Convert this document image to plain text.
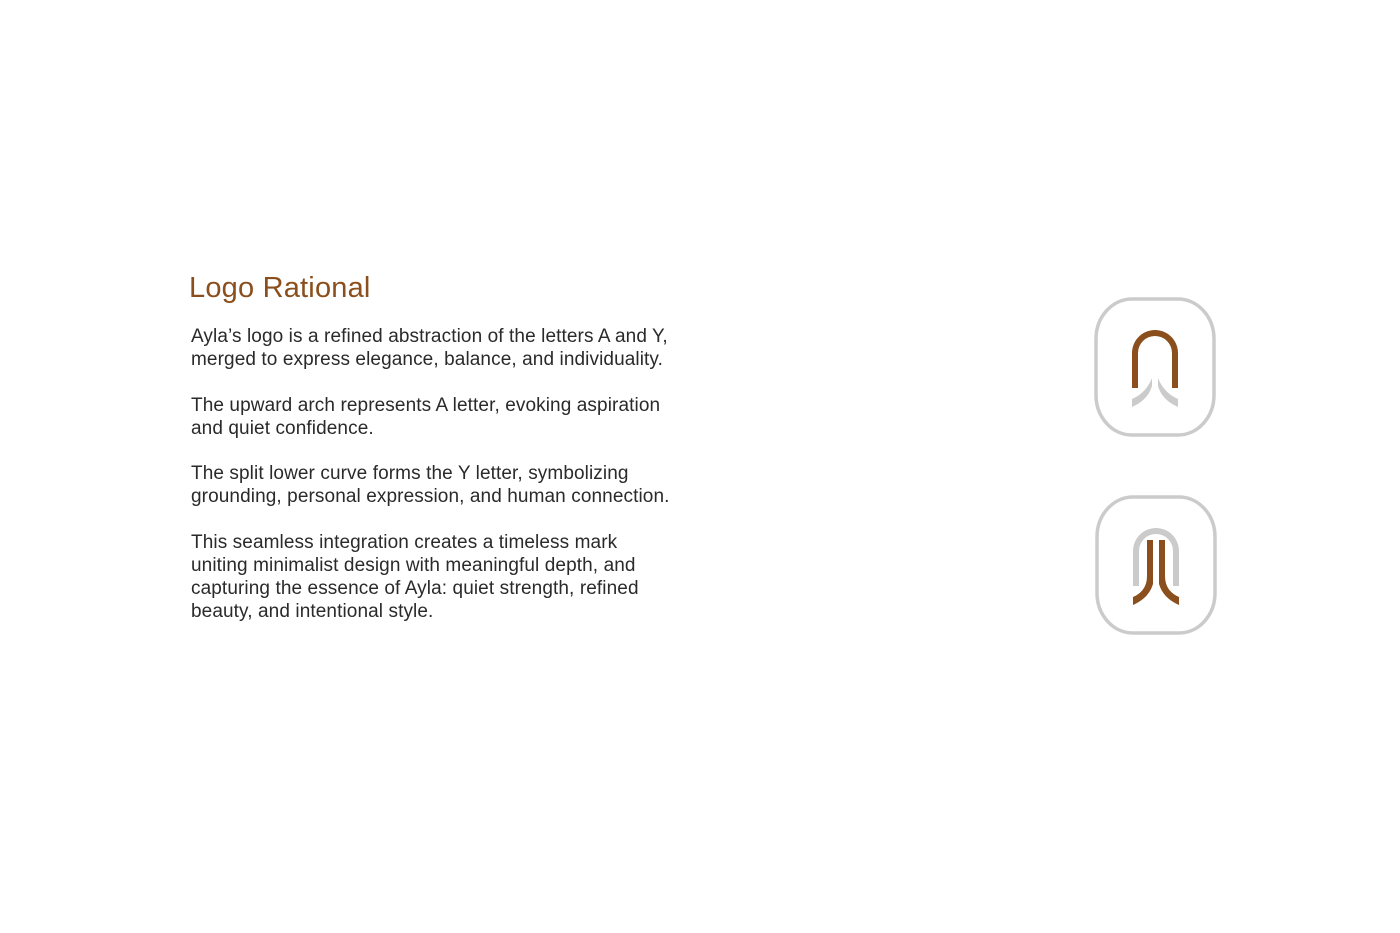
Logo Rational

Ayla’s logo is a refined abstraction of the letters A and Y,
merged to express elegance, balance, and individuality.

The upward arch represents A letter, evoking aspiration
and quiet confidence.

The split lower curve forms the Y letter, symbolizing
grounding, personal expression, and human connection.

This seamless integration creates a timeless mark
uniting minimalist design with meaningful depth, and
capturing the essence of Ayla: quiet strength, refined
beauty, and intentional style.
